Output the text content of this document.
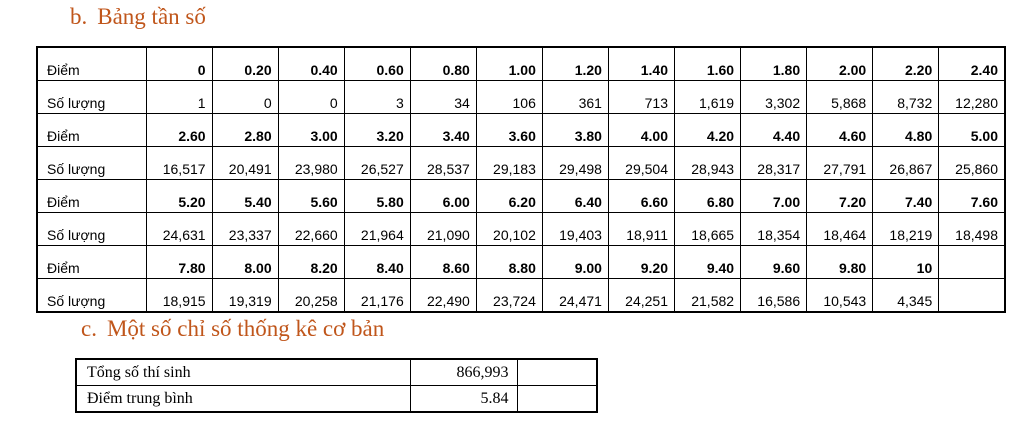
b. Bảng tần số
Điểm	0	0.20	0.40	0.60	0.80	1.00	1.20	1.40	1.60	1.80	2.00	2.20	2.40
Số lượng	1	0	0	3	34	106	361	713	1,619	3,302	5,868	8,732	12,280
Điểm	2.60	2.80	3.00	3.20	3.40	3.60	3.80	4.00	4.20	4.40	4.60	4.80	5.00
Số lượng	16,517	20,491	23,980	26,527	28,537	29,183	29,498	29,504	28,943	28,317	27,791	26,867	25,860
Điểm	5.20	5.40	5.60	5.80	6.00	6.20	6.40	6.60	6.80	7.00	7.20	7.40	7.60
Số lượng	24,631	23,337	22,660	21,964	21,090	20,102	19,403	18,911	18,665	18,354	18,464	18,219	18,498
Điểm	7.80	8.00	8.20	8.40	8.60	8.80	9.00	9.20	9.40	9.60	9.80	10	
Số lượng	18,915	19,319	20,258	21,176	22,490	23,724	24,471	24,251	21,582	16,586	10,543	4,345	
c. Một số chỉ số thống kê cơ bản
Tổng số thí sinh	866,993	
Điểm trung bình	5.84	
